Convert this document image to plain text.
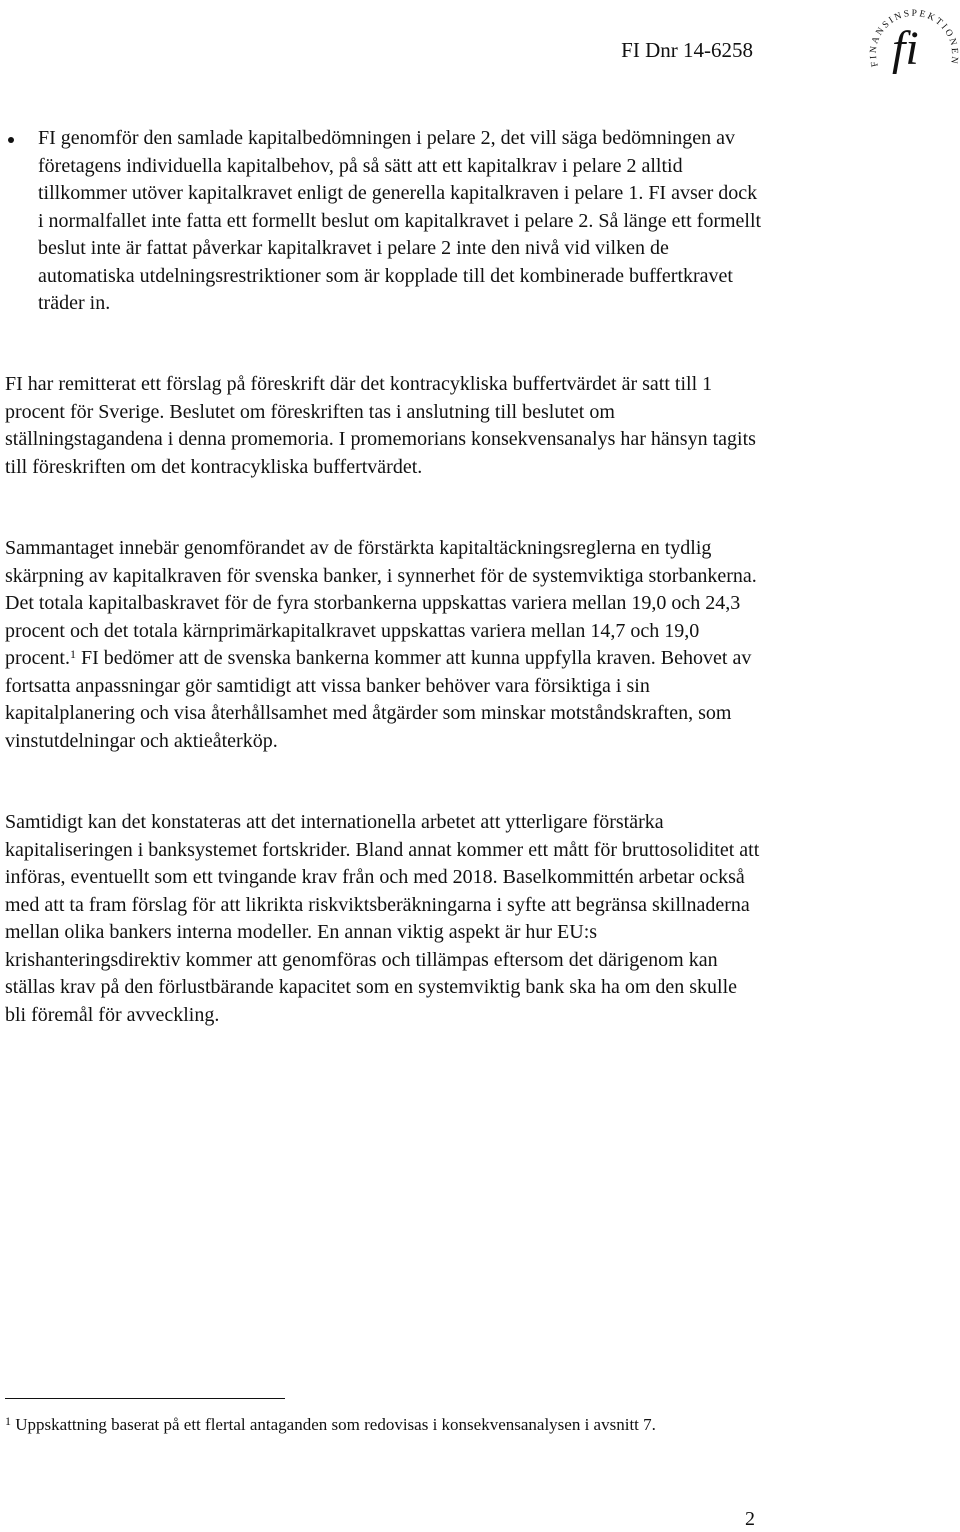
FI Dnr 14-6258
FINANSINSPEKTIONEN
fi

FI genomför den samlade kapitalbedömningen i pelare 2, det vill säga bedömningen av företagens individuella kapitalbehov, på så sätt att ett kapitalkrav i pelare 2 alltid tillkommer utöver kapitalkravet enligt de generella kapitalkraven i pelare 1. FI avser dock i normalfallet inte fatta ett formellt beslut om kapitalkravet i pelare 2. Så länge ett formellt beslut inte är fattat påverkar kapitalkravet i pelare 2 inte den nivå vid vilken de automatiska utdelningsrestriktioner som är kopplade till det kombinerade buffertkravet träder in.

FI har remitterat ett förslag på föreskrift där det kontracykliska buffertvärdet är satt till 1 procent för Sverige. Beslutet om föreskriften tas i anslutning till beslutet om ställningstagandena i denna promemoria. I promemorians konsekvensanalys har hänsyn tagits till föreskriften om det kontracykliska buffertvärdet.

Sammantaget innebär genomförandet av de förstärkta kapitaltäckningsreglerna en tydlig skärpning av kapitalkraven för svenska banker, i synnerhet för de systemviktiga storbankerna. Det totala kapitalbaskravet för de fyra storbankerna uppskattas variera mellan 19,0 och 24,3 procent och det totala kärnprimärkapitalkravet uppskattas variera mellan 14,7 och 19,0 procent.$^1$ FI bedömer att de svenska bankerna kommer att kunna uppfylla kraven. Behovet av fortsatta anpassningar gör samtidigt att vissa banker behöver vara försiktiga i sin kapitalplanering och visa återhållsamhet med åtgärder som minskar motståndskraften, som vinstutdelningar och aktieåterköp.

Samtidigt kan det konstateras att det internationella arbetet att ytterligare förstärka kapitaliseringen i banksystemet fortskrider. Bland annat kommer ett mått för bruttosoliditet att införas, eventuellt som ett tvingande krav från och med 2018. Baselkommittén arbetar också med att ta fram förslag för att likrikta riskviktsberäkningarna i syfte att begränsa skillnaderna mellan olika bankers interna modeller. En annan viktig aspekt är hur EU:s krishanteringsdirektiv kommer att genomföras och tillämpas eftersom det därigenom kan ställas krav på den förlustbärande kapacitet som en systemviktig bank ska ha om den skulle bli föremål för avveckling.

$^1$ Uppskattning baserat på ett flertal antaganden som redovisas i konsekvensanalysen i avsnitt 7.
2
